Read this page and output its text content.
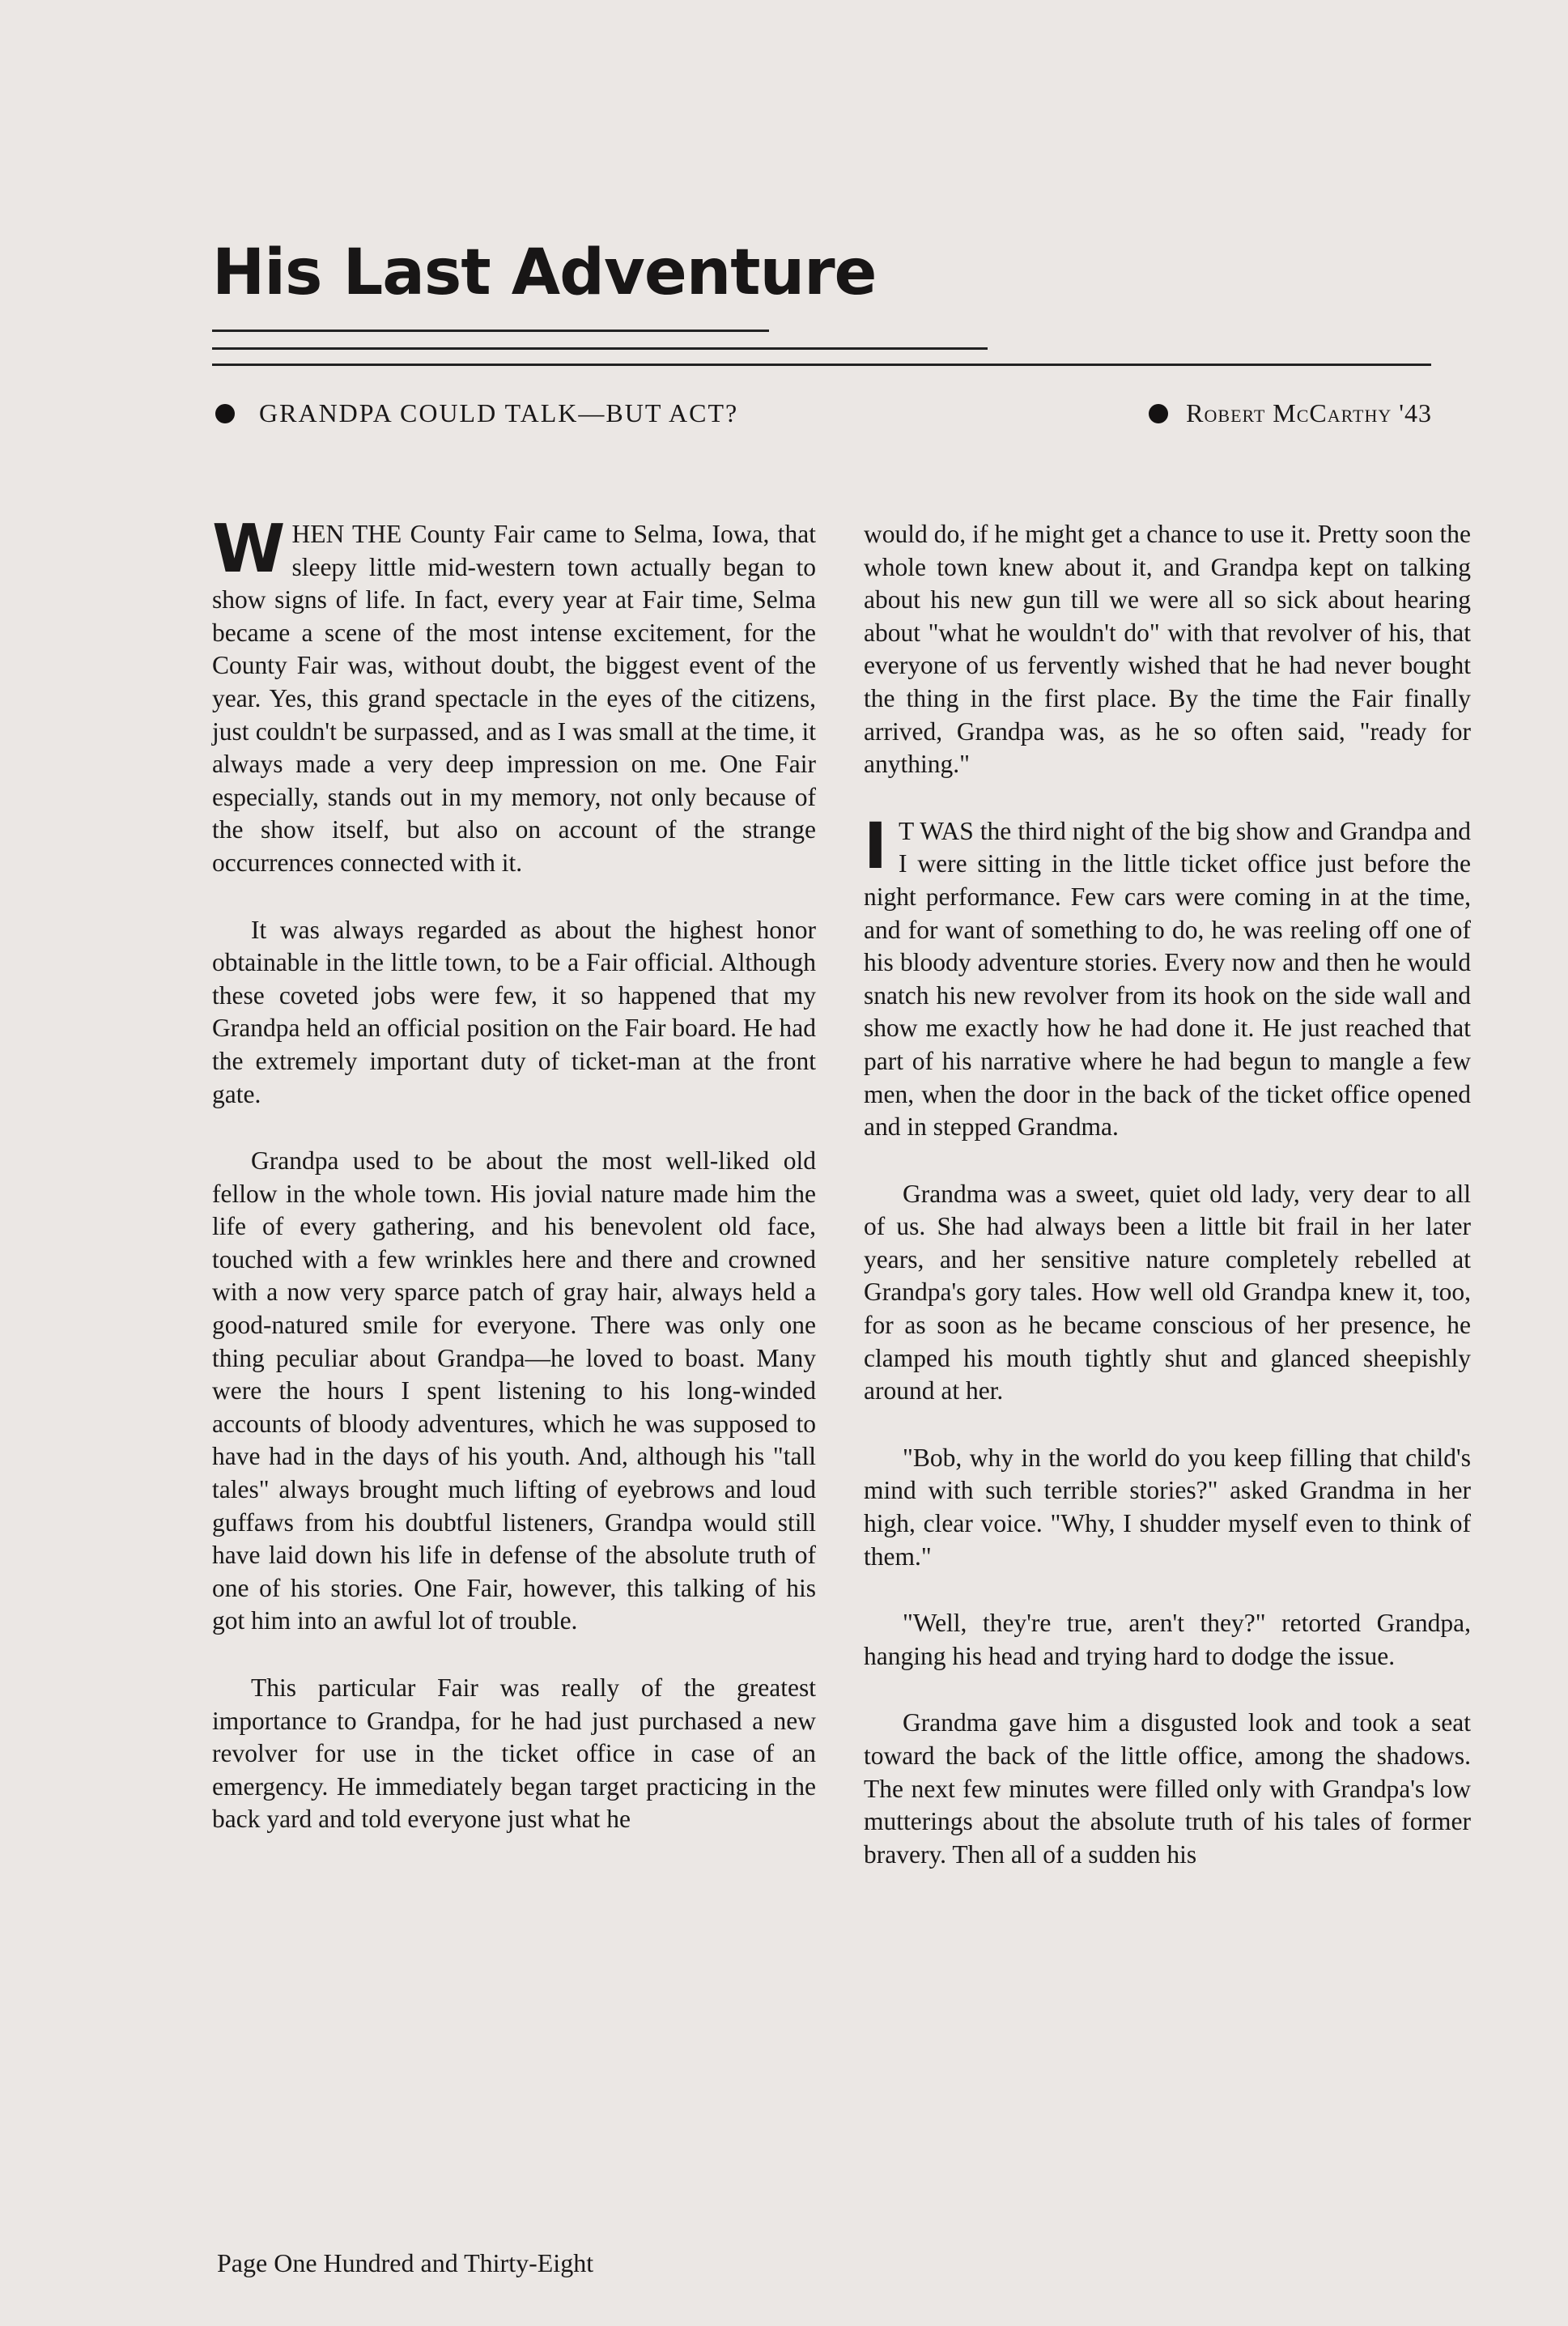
His Last Adventure
GRANDPA COULD TALK—BUT ACT?	Robert McCarthy '43

WHEN THE County Fair came to Selma, Iowa, that sleepy little mid-western town actually began to show signs of life. In fact, every year at Fair time, Selma became a scene of the most intense excitement, for the County Fair was, without doubt, the biggest event of the year. Yes, this grand spectacle in the eyes of the citizens, just couldn't be surpassed, and as I was small at the time, it always made a very deep impression on me. One Fair especially, stands out in my memory, not only because of the show itself, but also on account of the strange occurrences connected with it.

It was always regarded as about the highest honor obtainable in the little town, to be a Fair official. Although these coveted jobs were few, it so happened that my Grandpa held an official position on the Fair board. He had the extremely important duty of ticket-man at the front gate.

Grandpa used to be about the most well-liked old fellow in the whole town. His jovial nature made him the life of every gathering, and his benevolent old face, touched with a few wrinkles here and there and crowned with a now very sparce patch of gray hair, always held a good-natured smile for everyone. There was only one thing peculiar about Grandpa—he loved to boast. Many were the hours I spent listening to his long-winded accounts of bloody adventures, which he was supposed to have had in the days of his youth. And, although his "tall tales" always brought much lifting of eyebrows and loud guffaws from his doubtful listeners, Grandpa would still have laid down his life in defense of the absolute truth of one of his stories. One Fair, however, this talking of his got him into an awful lot of trouble.

This particular Fair was really of the greatest importance to Grandpa, for he had just purchased a new revolver for use in the ticket office in case of an emergency. He immediately began target practicing in the back yard and told everyone just what he

would do, if he might get a chance to use it. Pretty soon the whole town knew about it, and Grandpa kept on talking about his new gun till we were all so sick about hearing about "what he wouldn't do" with that revolver of his, that everyone of us fervently wished that he had never bought the thing in the first place. By the time the Fair finally arrived, Grandpa was, as he so often said, "ready for anything."

I T WAS the third night of the big show and Grandpa and I were sitting in the little ticket office just before the night performance. Few cars were coming in at the time, and for want of something to do, he was reeling off one of his bloody adventure stories. Every now and then he would snatch his new revolver from its hook on the side wall and show me exactly how he had done it. He just reached that part of his narrative where he had begun to mangle a few men, when the door in the back of the ticket office opened and in stepped Grandma.

Grandma was a sweet, quiet old lady, very dear to all of us. She had always been a little bit frail in her later years, and her sensitive nature completely rebelled at Grandpa's gory tales. How well old Grandpa knew it, too, for as soon as he became conscious of her presence, he clamped his mouth tightly shut and glanced sheepishly around at her.

"Bob, why in the world do you keep filling that child's mind with such terrible stories?" asked Grandma in her high, clear voice. "Why, I shudder myself even to think of them."

"Well, they're true, aren't they?" retorted Grandpa, hanging his head and trying hard to dodge the issue.

Grandma gave him a disgusted look and took a seat toward the back of the little office, among the shadows. The next few minutes were filled only with Grandpa's low mutterings about the absolute truth of his tales of former bravery. Then all of a sudden his

Page One Hundred and Thirty-Eight
